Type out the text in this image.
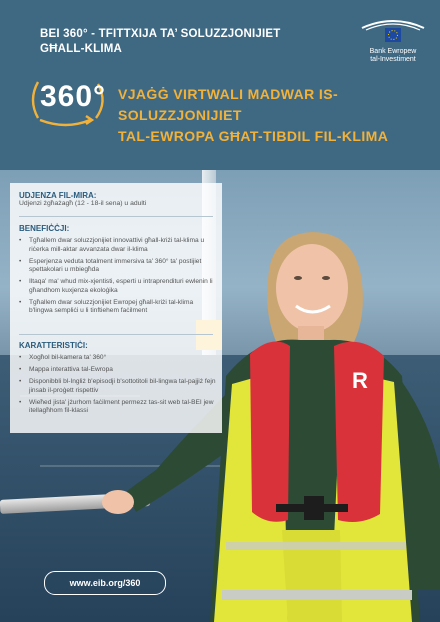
BEI 360° - TFITTXIJA TA’ SOLUZZJONIJIET
GĦALL-KLIMA	Bank Ewropew
tal-Investiment
360° VJAĠĠ VIRTWALI MADWAR IS-SOLUZZJONIJIET
TAL-EWROPA GĦAT-TIBDIL FIL-KLIMA
R
UDJENZA FIL-MIRA:
Udjenzi żgħażagħ (12 - 18-il sena) u adulti
BENEFIĊĊJI:
• Tgħallem dwar soluzzjonijiet innovattivi għall-kriżi tal-klima u riċerka mill-aktar avvanzata dwar il-klima
• Esperjenza veduta totalment immersiva ta' 360° ta' postijiet spettakolari u mbiegħda
• Iltaqa' ma' whud mix-xjentisti, esperti u intraprendituri ewlenin li għandhom kuxjenza ekoloġika
• Tgħallem dwar soluzzjonijiet Ewropej għall-kriżi tal-klima b'lingwa sempliċi u li tinftiehem faċilment
KARATTERISTIĊI:
• Xogħol bil-kamera ta' 360°
• Mappa interattiva tal-Ewropa
• Disponibbli bl-Ingliż b'episodji b'sottotitoli bil-lingwa tal-pajjiż fejn jinsab il-proġett rispettiv
• Wieħed jista' jżurhom faċilment permezz tas-sit web tal-BEI jew itellagħhom fil-klassi
www.eib.org/360
